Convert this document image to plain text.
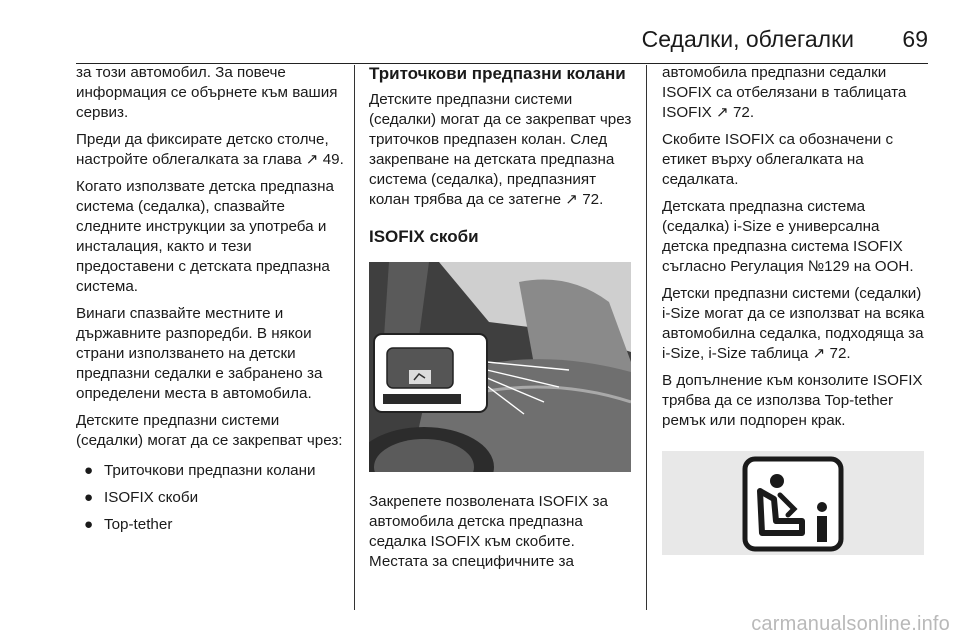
Седалки, облегалки 69

за този автомобил. За повече информация се обърнете към вашия сервиз.

Преди да фиксирате детско столче, настройте облегалката за глава ↗ 49.

Когато използвате детска предпазна система (седалка), спазвайте следните инструкции за употреба и инсталация, както и тези предоставени с детската предпазна система.

Винаги спазвайте местните и държавните разпоредби. В някои страни използването на детски предпазни седалки е забранено за определени места в автомобила.

Детските предпазни системи (седалки) могат да се закрепват чрез:

● Триточкови предпазни колани
● ISOFIX скоби
● Top-tether
Триточкови предпазни колани

Детските предпазни системи (седалки) могат да се закрепват чрез триточков предпазен колан. След закрепване на детската предпазна система (седалка), предпазният колан трябва да се затегне ↗ 72.

ISOFIX скоби

Закрепете позволената ISOFIX за автомобила детска предпазна седалка ISOFIX към скобите. Местата за специфичните за

автомобила предпазни седалки ISOFIX са отбелязани в таблицата ISOFIX ↗ 72.

Скобите ISOFIX са обозначени с етикет върху облегалката на седалката.

Детската предпазна система (седалка) i-Size е универсална детска предпазна система ISOFIX съгласно Регулация №129 на ООН.

Детски предпазни системи (седалки) i-Size могат да се използват на всяка автомобилна седалка, подходяща за i-Size, i-Size таблица ↗ 72.

В допълнение към конзолите ISOFIX трябва да се използва Top-tether ремък или подпорен крак.

carmanualsonline.info
